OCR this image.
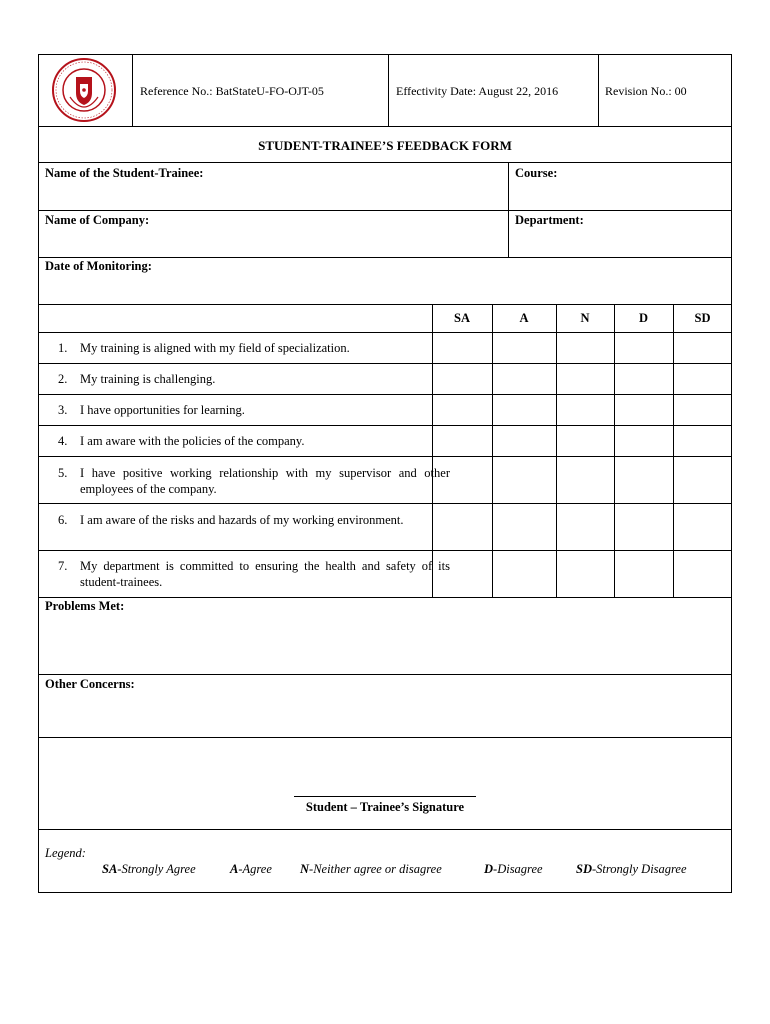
Reference No.: BatStateU-FO-OJT-05	Effectivity Date: August 22, 2016	Revision No.: 00
STUDENT-TRAINEE’S FEEDBACK FORM
Name of the Student-Trainee:	Course:
Name of Company:	Department:
Date of Monitoring:
SA	A	N	D	SD
1. My training is aligned with my field of specialization.
2. My training is challenging.
3. I have opportunities for learning.
4. I am aware with the policies of the company.
5. I have positive working relationship with my supervisor and other employees of the company.
6. I am aware of the risks and hazards of my working environment.
7. My department is committed to ensuring the health and safety of its student-trainees.
Problems Met:
Other Concerns:
Student – Trainee’s Signature
Legend:
SA-Strongly Agree	A-Agree N-Neither agree or disagree	D-Disagree	SD-Strongly Disagree
